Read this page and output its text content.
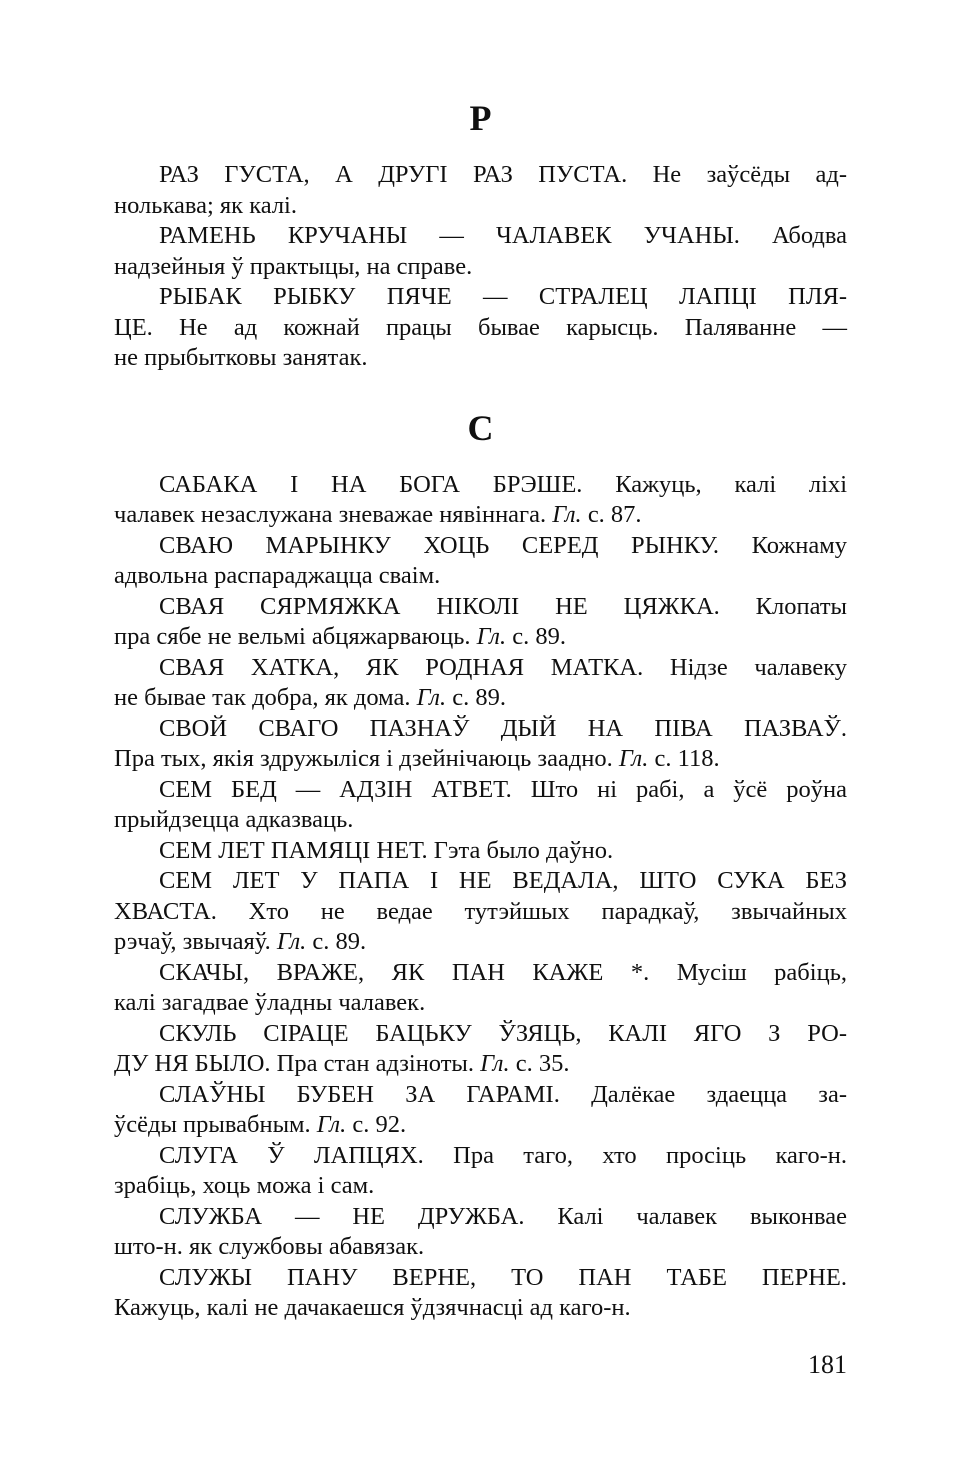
Р
РАЗ ГУСТА, А ДРУГІ РАЗ ПУСТА. Не заўсёды ад-
нолькава; як калі.
РАМЕНЬ КРУЧАНЫ — ЧАЛАВЕК УЧАНЫ. Абодва
надзейныя ў практыцы, на справе.
РЫБАК РЫБКУ ПЯЧЕ — СТРАЛЕЦ ЛАПЦІ ПЛЯ-
ЦЕ. Не ад кожнай працы бывае карысць. Паляванне —
не прыбытковы занятак.
С
САБАКА І НА БОГА БРЭШЕ. Кажуць, калі ліхі
чалавек незаслужана зневажае нявіннага. Гл. с. 87.
СВАЮ МАРЫНКУ ХОЦЬ СЕРЕД РЫНКУ. Кожнаму
адвольна распараджацца сваім.
СВАЯ СЯРМЯЖКА НІКОЛІ НЕ ЦЯЖКА. Клопаты
пра сябе не вельмі абцяжарваюць. Гл. с. 89.
СВАЯ ХАТКА, ЯК РОДНАЯ МАТКА. Нідзе чалавеку
не бывае так добра, як дома. Гл. с. 89.
СВОЙ СВАГО ПАЗНАЎ ДЫЙ НА ПІВА ПАЗВАЎ.
Пра тых, якія здружыліся і дзейнічаюць заадно. Гл. с. 118.
СЕМ БЕД — АДЗІН АТВЕТ. Што ні рабі, а ўсё роўна
прыйдзецца адказваць.
СЕМ ЛЕТ ПАМЯЦІ НЕТ. Гэта было даўно.
СЕМ ЛЕТ У ПАПА І НЕ ВЕДАЛА, ШТО СУКА БЕЗ
ХВАСТА. Хто не ведае тутэйшых парадкаў, звычайных
рэчаў, звычаяў. Гл. с. 89.
СКАЧЫ, ВРАЖЕ, ЯК ПАН КАЖЕ *. Мусіш рабіць,
калі загадвае ўладны чалавек.
СКУЛЬ СІРАЦЕ БАЦЬКУ ЎЗЯЦЬ, КАЛІ ЯГО З РО-
ДУ НЯ БЫЛО. Пра стан адзіноты. Гл. с. 35.
СЛАЎНЫ БУБЕН ЗА ГАРАМІ. Далёкае здаецца за-
ўсёды прывабным. Гл. с. 92.
СЛУГА Ў ЛАПЦЯХ. Пра таго, хто просіць каго-н.
зрабіць, хоць можа і сам.
СЛУЖБА — НЕ ДРУЖБА. Калі чалавек выконвае
што-н. як службовы абавязак.
СЛУЖЫ ПАНУ ВЕРНЕ, ТО ПАН ТАБЕ ПЕРНЕ.
Кажуць, калі не дачакаешся ўдзячнасці ад каго-н.
181
